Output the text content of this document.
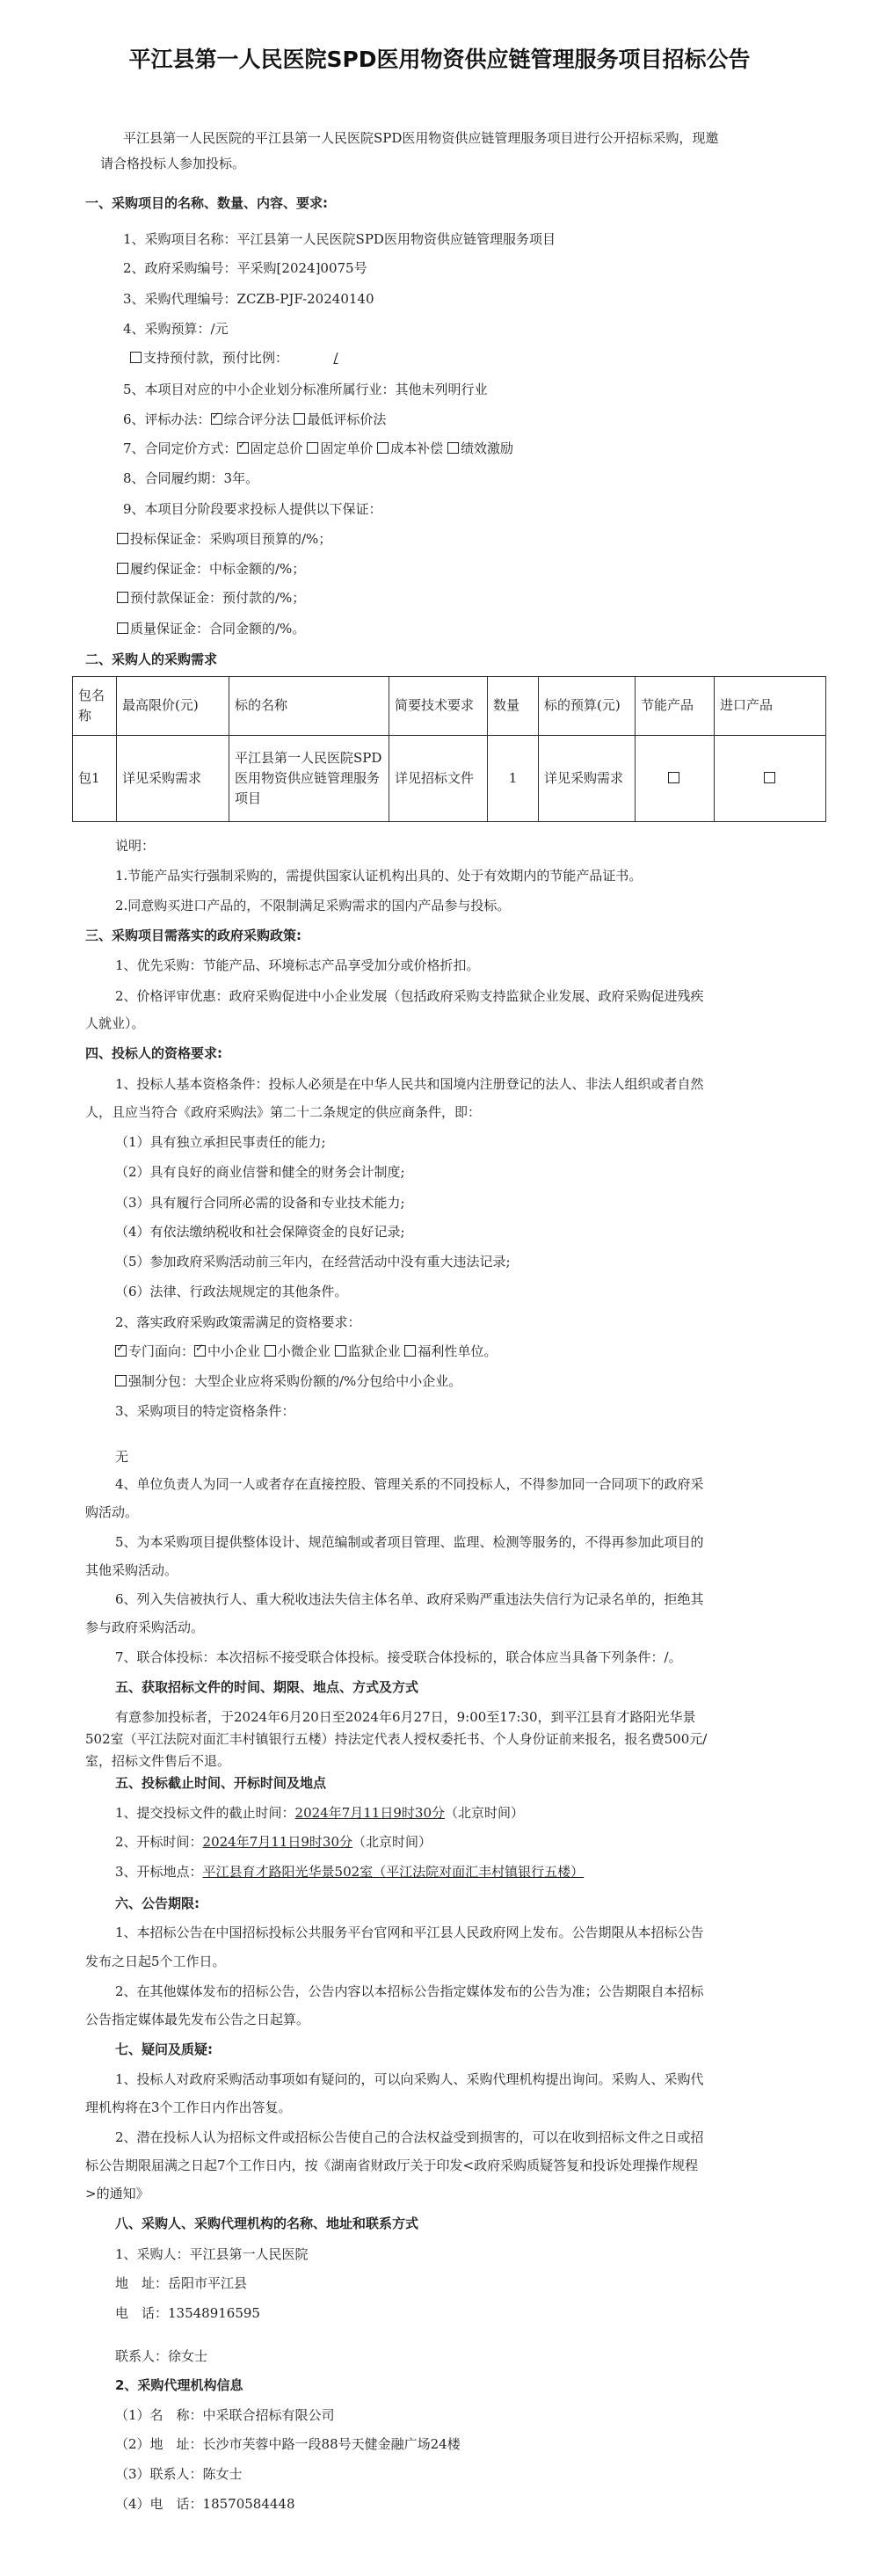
平江县第一人民医院SPD医用物资供应链管理服务项目招标公告
平江县第一人民医院的平江县第一人民医院SPD医用物资供应链管理服务项目进行公开招标采购，现邀
请合格投标人参加投标。
一、采购项目的名称、数量、内容、要求:
1、采购项目名称：平江县第一人民医院SPD医用物资供应链管理服务项目
2、政府采购编号：平采购[2024]0075号
3、采购代理编号：ZCZB-PJF-20240140
4、采购预算：/元
支持预付款，预付比例：	/
5、本项目对应的中小企业划分标准所属行业：其他未列明行业
6、评标办法： ✓ 综合评分法 最低评标价法
7、合同定价方式： ✓ 固定总价 固定单价 成本补偿 绩效激励
8、合同履约期：3年。
9、本项目分阶段要求投标人提供以下保证：
投标保证金：采购项目预算的/%；
履约保证金：中标金额的/%；
预付款保证金：预付款的/%；
质量保证金：合同金额的/%。
二、采购人的采购需求
包名称	最高限价(元)	标的名称	简要技术要求	数量	标的预算(元)	节能产品	进口产品
包1	详见采购需求	平江县第一人民医院SPD医用物资供应链管理服务项目	详见招标文件	1	详见采购需求		
说明：
1.节能产品实行强制采购的，需提供国家认证机构出具的、处于有效期内的节能产品证书。
2.同意购买进口产品的，不限制满足采购需求的国内产品参与投标。
三、采购项目需落实的政府采购政策:
1、优先采购：节能产品、环境标志产品享受加分或价格折扣。
2、价格评审优惠：政府采购促进中小企业发展（包括政府采购支持监狱企业发展、政府采购促进残疾
人就业）。
四、投标人的资格要求:
1、投标人基本资格条件：投标人必须是在中华人民共和国境内注册登记的法人、非法人组织或者自然
人，且应当符合《政府采购法》第二十二条规定的供应商条件，即：
（1）具有独立承担民事责任的能力;
（2）具有良好的商业信誉和健全的财务会计制度;
（3）具有履行合同所必需的设备和专业技术能力;
（4）有依法缴纳税收和社会保障资金的良好记录;
（5）参加政府采购活动前三年内，在经营活动中没有重大违法记录;
（6）法律、行政法规规定的其他条件。
2、落实政府采购政策需满足的资格要求：
✓专门面向： ✓ 中小企业 小微企业 监狱企业 福利性单位。
强制分包：大型企业应将采购份额的/%分包给中小企业。
3、采购项目的特定资格条件：
无
4、单位负责人为同一人或者存在直接控股、管理关系的不同投标人，不得参加同一合同项下的政府采
购活动。
5、为本采购项目提供整体设计、规范编制或者项目管理、监理、检测等服务的，不得再参加此项目的
其他采购活动。
6、列入失信被执行人、重大税收违法失信主体名单、政府采购严重违法失信行为记录名单的，拒绝其
参与政府采购活动。
7、联合体投标：本次招标不接受联合体投标。接受联合体投标的，联合体应当具备下列条件：/。
五、获取招标文件的时间、期限、地点、方式及方式
有意参加投标者，于2024年6月20日至2024年6月27日，9:00至17:30，到平江县育才路阳光华景
502室（平江法院对面汇丰村镇银行五楼）持法定代表人授权委托书、个人身份证前来报名，报名费500元/
室，招标文件售后不退。
五、投标截止时间、开标时间及地点
1、提交投标文件的截止时间：2024年7月11日9时30分（北京时间）
2、开标时间：2024年7月11日9时30分（北京时间）
3、开标地点：平江县育才路阳光华景502室（平江法院对面汇丰村镇银行五楼）
六、公告期限:
1、本招标公告在中国招标投标公共服务平台官网和平江县人民政府网上发布。公告期限从本招标公告
发布之日起5个工作日。
2、在其他媒体发布的招标公告，公告内容以本招标公告指定媒体发布的公告为准；公告期限自本招标
公告指定媒体最先发布公告之日起算。
七、疑问及质疑:
1、投标人对政府采购活动事项如有疑问的，可以向采购人、采购代理机构提出询问。采购人、采购代
理机构将在3个工作日内作出答复。
2、潜在投标人认为招标文件或招标公告使自己的合法权益受到损害的，可以在收到招标文件之日或招
标公告期限届满之日起7个工作日内，按《湖南省财政厅关于印发<政府采购质疑答复和投诉处理操作规程
>的通知》
八、采购人、采购代理机构的名称、地址和联系方式
1、采购人：平江县第一人民医院
地　址：岳阳市平江县
电　话：13548916595
联系人：徐女士
2、采购代理机构信息
（1）名　称：中采联合招标有限公司
（2）地　址：长沙市芙蓉中路一段88号天健金融广场24楼
（3）联系人：陈女士
（4）电　话：18570584448
